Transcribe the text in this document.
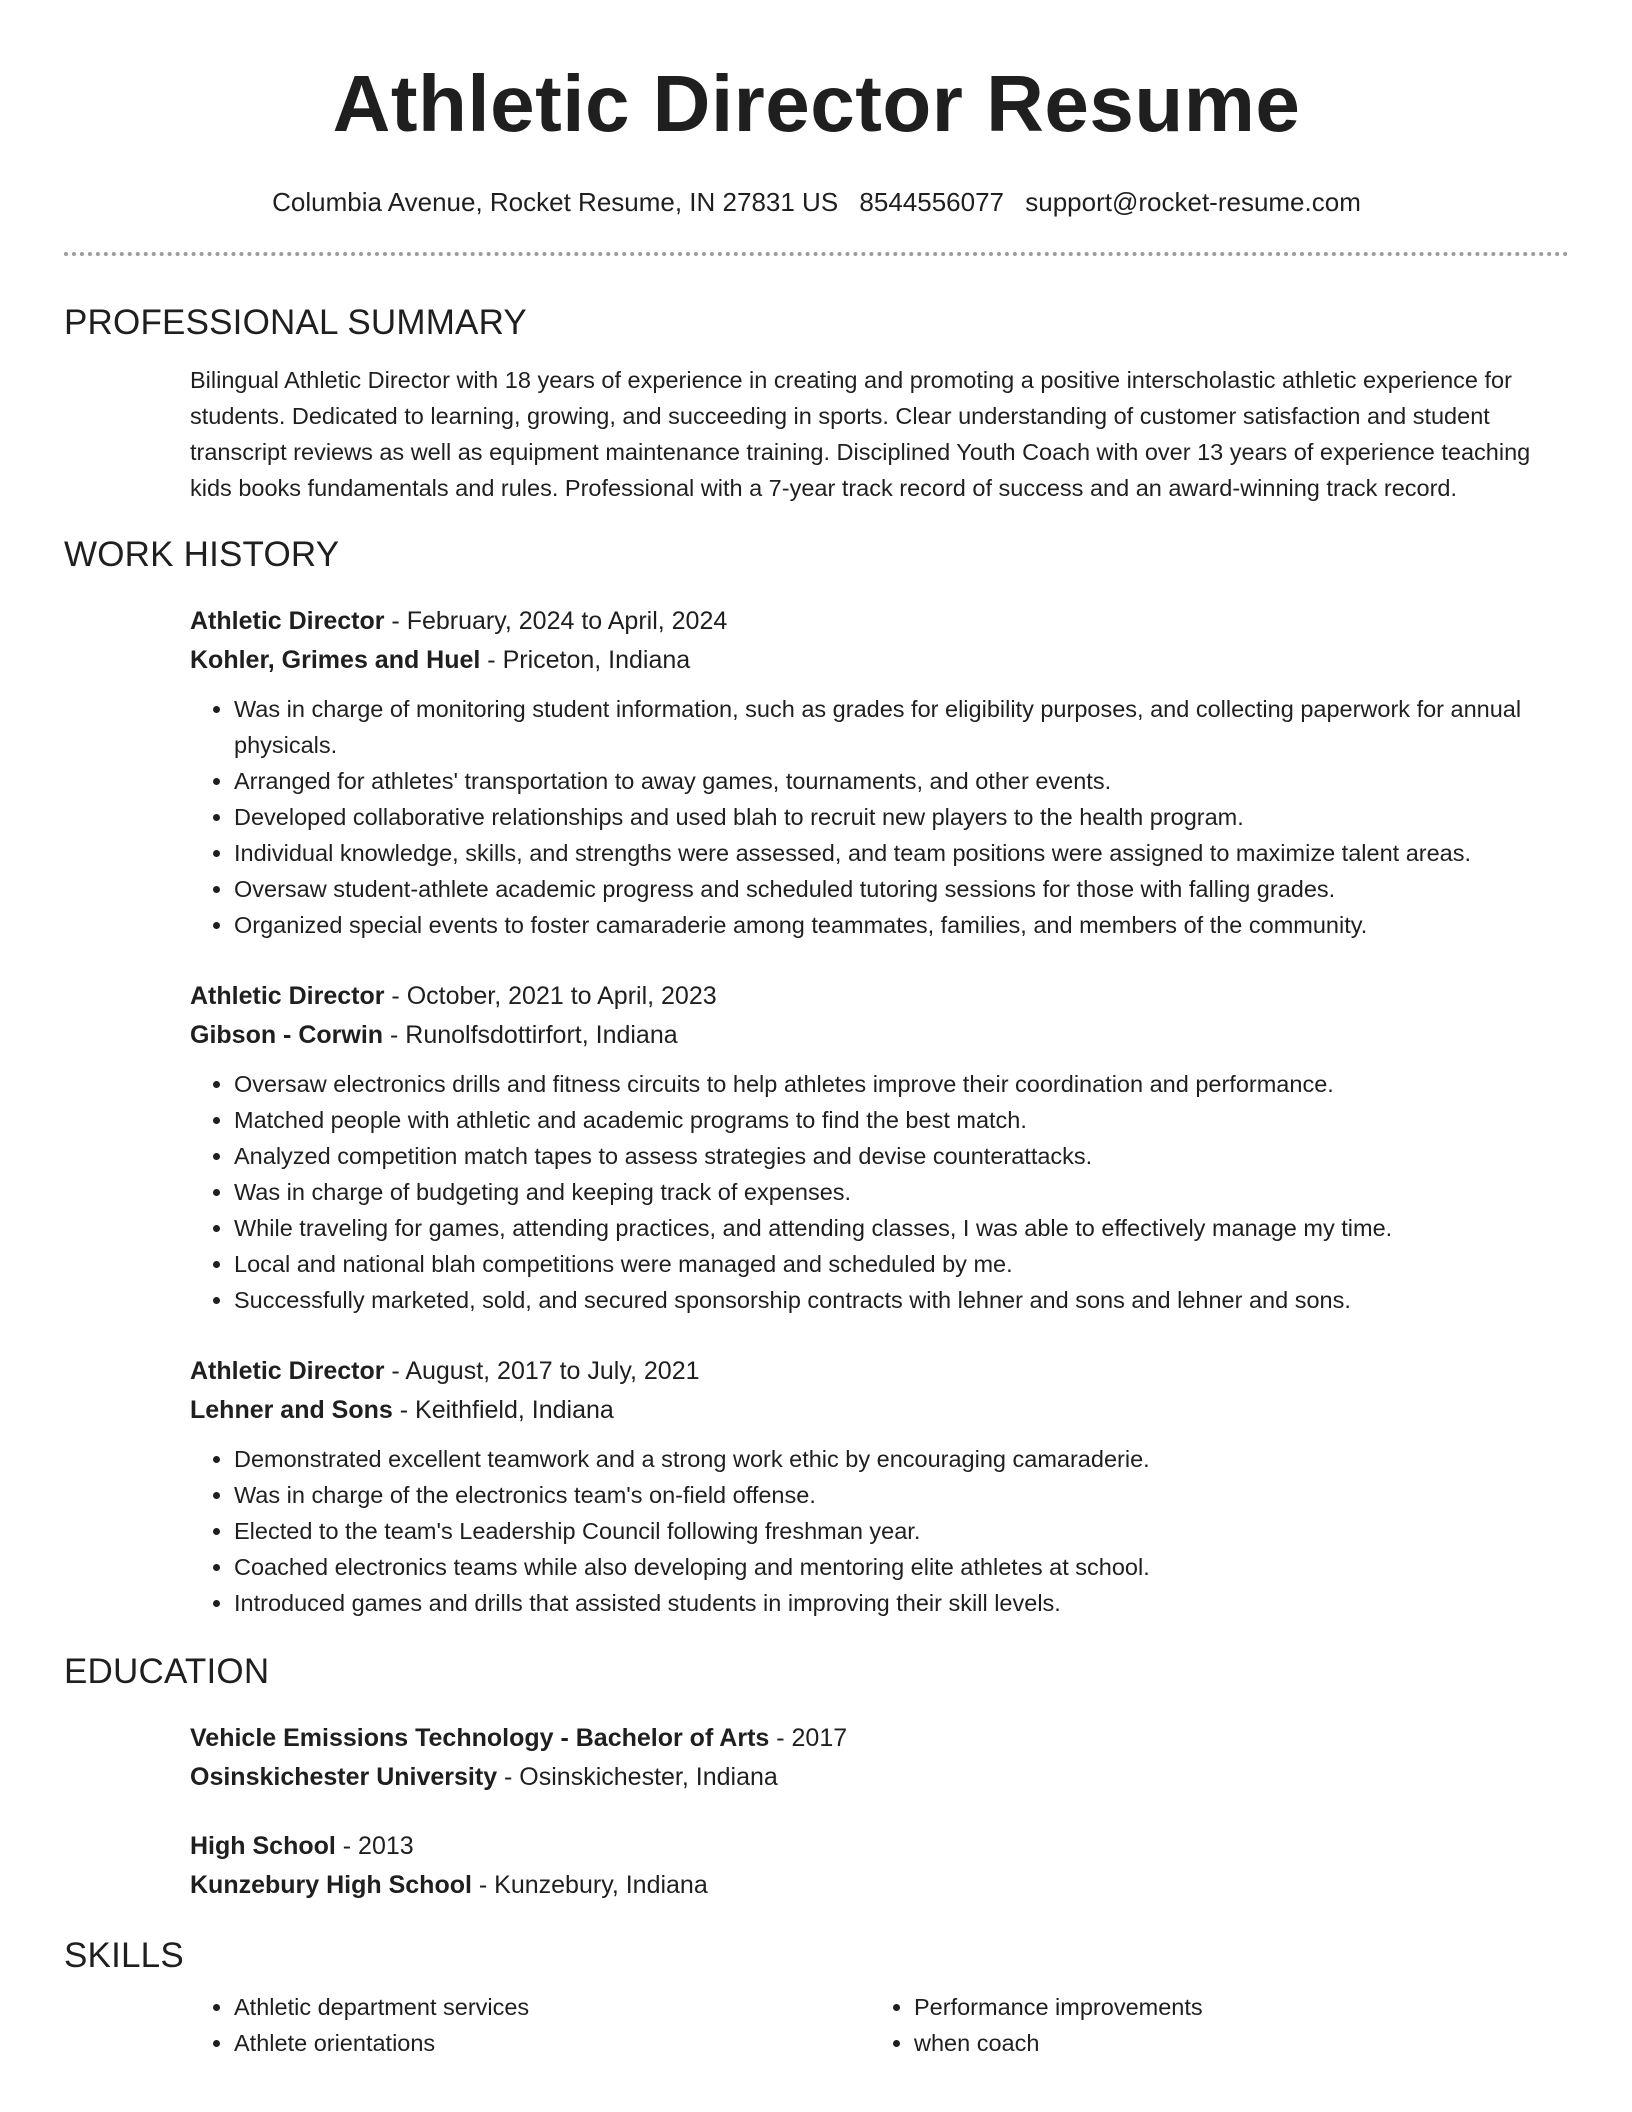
Athletic Director Resume
Columbia Avenue, Rocket Resume, IN 27831 US 8544556077 support@rocket-resume.com
PROFESSIONAL SUMMARY
Bilingual Athletic Director with 18 years of experience in creating and promoting a positive interscholastic athletic experience for students. Dedicated to learning, growing, and succeeding in sports. Clear understanding of customer satisfaction and student transcript reviews as well as equipment maintenance training. Disciplined Youth Coach with over 13 years of experience teaching kids books fundamentals and rules. Professional with a 7-year track record of success and an award-winning track record.
WORK HISTORY
Athletic Director - February, 2024 to April, 2024
Kohler, Grimes and Huel - Priceton, Indiana
• Was in charge of monitoring student information, such as grades for eligibility purposes, and collecting paperwork for annual physicals.
• Arranged for athletes' transportation to away games, tournaments, and other events.
• Developed collaborative relationships and used blah to recruit new players to the health program.
• Individual knowledge, skills, and strengths were assessed, and team positions were assigned to maximize talent areas.
• Oversaw student-athlete academic progress and scheduled tutoring sessions for those with falling grades.
• Organized special events to foster camaraderie among teammates, families, and members of the community.
Athletic Director - October, 2021 to April, 2023
Gibson - Corwin - Runolfsdottirfort, Indiana
• Oversaw electronics drills and fitness circuits to help athletes improve their coordination and performance.
• Matched people with athletic and academic programs to find the best match.
• Analyzed competition match tapes to assess strategies and devise counterattacks.
• Was in charge of budgeting and keeping track of expenses.
• While traveling for games, attending practices, and attending classes, I was able to effectively manage my time.
• Local and national blah competitions were managed and scheduled by me.
• Successfully marketed, sold, and secured sponsorship contracts with lehner and sons and lehner and sons.
Athletic Director - August, 2017 to July, 2021
Lehner and Sons - Keithfield, Indiana
• Demonstrated excellent teamwork and a strong work ethic by encouraging camaraderie.
• Was in charge of the electronics team's on-field offense.
• Elected to the team's Leadership Council following freshman year.
• Coached electronics teams while also developing and mentoring elite athletes at school.
• Introduced games and drills that assisted students in improving their skill levels.
EDUCATION
Vehicle Emissions Technology - Bachelor of Arts - 2017
Osinskichester University - Osinskichester, Indiana
High School - 2013
Kunzebury High School - Kunzebury, Indiana
SKILLS
• Athletic department services
• Athlete orientations
• Performance improvements
• when coach
